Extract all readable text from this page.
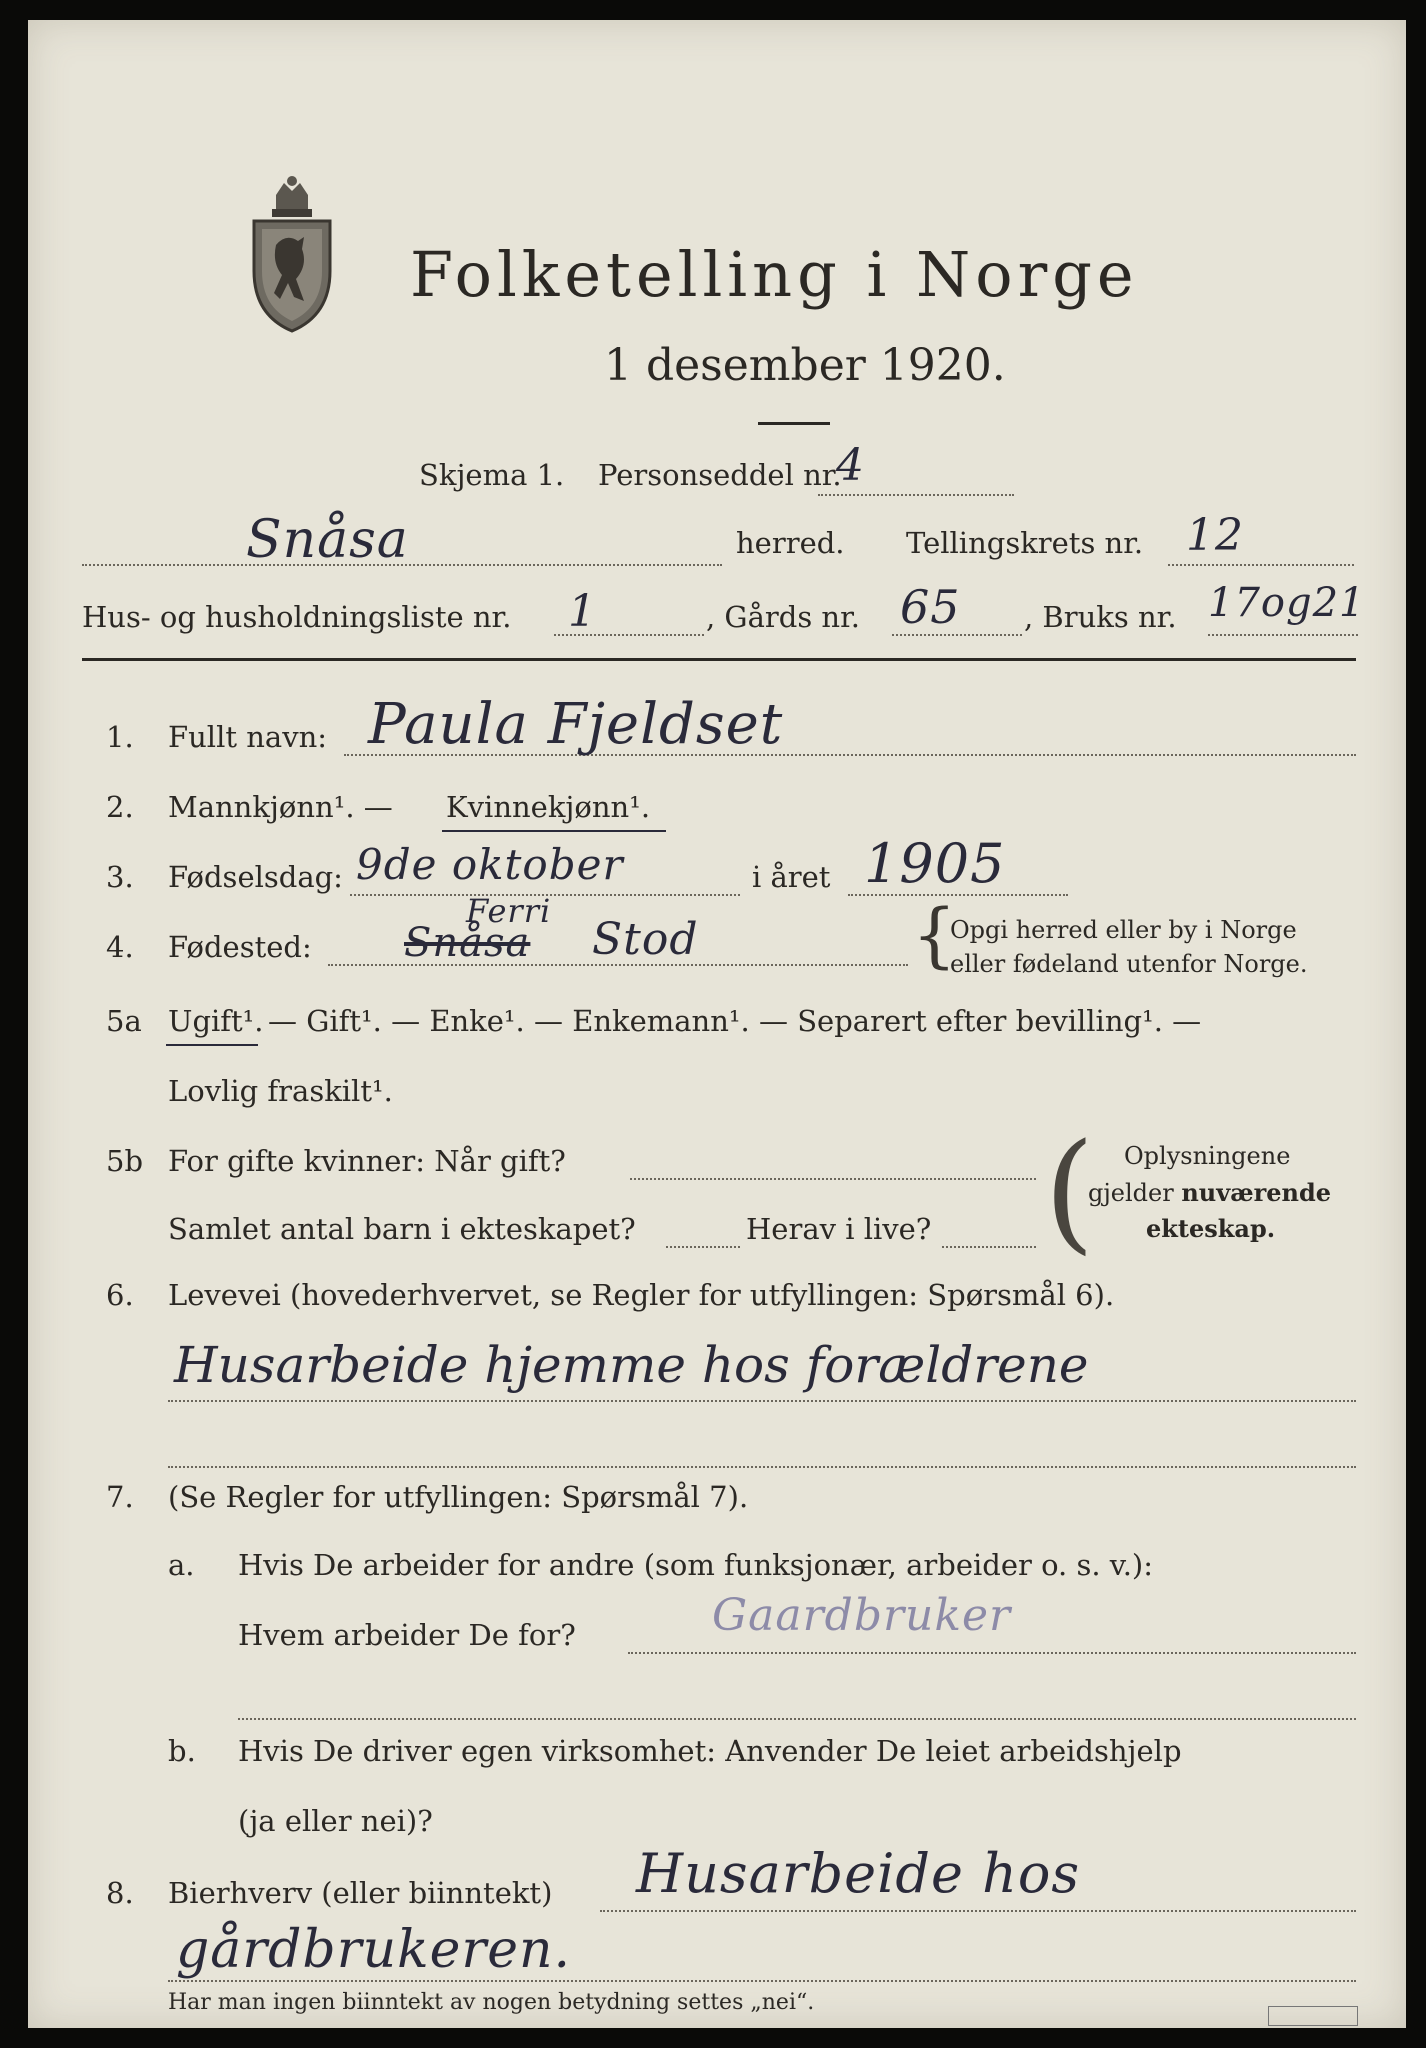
Folketelling i Norge
1 desember 1920.
Skjema 1. Personseddel nr.
4
Snåsa	herred. Tellingskrets nr. 12
Hus- og husholdningsliste nr. 1	, Gårds nr. 65 , Bruks nr. 17og21
1. Fullt navn: Paula Fjeldset
2. Mannkjønn¹. — Kvinnekjønn¹.
3. Fødselsdag: 9de oktober	i året 1905
4. Fødested: Snåsa
Ferri
Stod	{
Opgi herred eller by i Norge
eller fødeland utenfor Norge.
5a Ugift¹. — Gift¹. — Enke¹. — Enkemann¹. — Separert efter bevilling¹. —
Lovlig fraskilt¹.
5b For gifte kvinner: Når gift?
Samlet antal barn i ekteskapet?	Herav i live? ( Oplysningene
gjelder nuværende
ekteskap.
6. Levevei (hovederhvervet, se Regler for utfyllingen: Spørsmål 6).
Husarbeide hjemme hos forældrene
7. (Se Regler for utfyllingen: Spørsmål 7).
a. Hvis De arbeider for andre (som funksjonær, arbeider o. s. v.):
Hvem arbeider De for?	Gaardbruker
b. Hvis De driver egen virksomhet: Anvender De leiet arbeidshjelp
(ja eller nei)?
8. Bierhverv (eller biinntekt) Husarbeide hos
gårdbrukeren.
Har man ingen biinntekt av nogen betydning settes „nei“.
